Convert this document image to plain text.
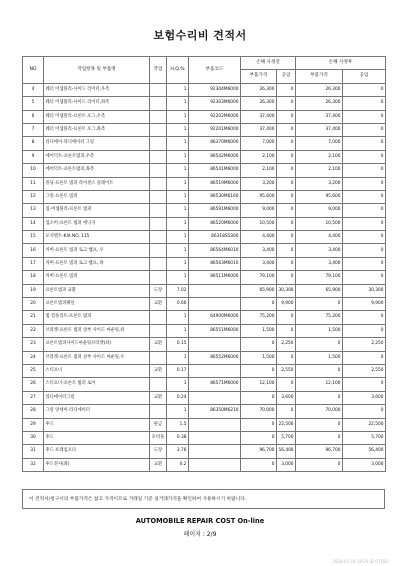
보험수리비 견적서
NO	작업항목 및 부품명	작업	H,Q,%	부품코드	손해 사정전		손해 사정후	
					부품가격	공임	부품가격	공임
4	웨더 어셈블리-사이드 리어터,우측		1	92304M6000	26,300	0	26,300	0
5	웨더 어셈블리-사이드 리어터,좌측		1	92303M6000	26,300	0	26,300	0
6	웨더 어셈블리-프론트 포그,우측		1	92202M6000	37,400	0	37,400	0
7	웨더 어셈블리-프론트 포그,좌측		1	92201M6000	37,400	0	37,400	0
8	라디에이-라디에이터 그릴		1	86370M6000	7,000	0	7,000	0
9	에어덕트-프론트범퍼,우측		1	86542M6000	2,100	0	2,100	0
10	에어덕트-프론트범퍼,좌측		1	86541M6000	2,100	0	2,100	0
11	몰딩-프론트 범퍼 라이센스 플레이트		1	86519M6000	3,200	0	3,200	0
12	그릴-프론트 범퍼		1	86530M6160	95,600	0	95,600	0
13	립-어셈블리-프론트 범퍼		1	86591M6000	9,000	0	9,000	0
14	업소버-프론트 범퍼 에너지		1	86520M6000	10,500	0	10,500	0
15	모서멘트-KIA NO. 115		1	86318S5300	4,400	0	4,400	0
16	커버-프론트 범퍼 토크 햄프, 우		1	86564M6010	3,400	0	3,400	0
17	커버-프론트 범퍼 토크 햄프, 좌		1	86563M6010	3,400	0	3,400	0
18	커버-프론트 범퍼		1	86511M6000	79,100	0	79,100	0
19	프론트범퍼 교환	도장	7.02		65,900	30,300	65,900	30,300
20	프론트범퍼패널	교환	0.66		0	9,900	0	9,900
21	빔 컴플리트-프론트 범퍼		1	64900M6000	75,200	0	75,200	0
22	브라켓-프론트 범퍼 상부 사이드 마운팅,좌		1	86551M6000	1,500	0	1,500	0
23	프론트범퍼사이드마운팅브라켓(좌)	교환	0.15		0	2,250	0	2,250
24	브라켓-프론트 범퍼 상부 사이드 마운팅,우		1	86552M6000	1,500	0	1,500	0
25	스티프너	교환	0.17		0	2,550	0	2,550
26	스티프너-프론트 범퍼 로어		1	86571M6000	12,100	0	12,100	0
27	라디에이터그릴	교환	0.24		0	3,600	0	3,600
28	그릴 앗세이-라디에이터		1	86350M6210	70,000	0	70,000	0
29	후드	판금	1.5		0	22,500	0	22,500
30	후드	모비플	0.38		0	5,700	0	5,700
31	후드 프레임포더	도장	3.76		96,700	56,400	96,700	56,400
32	후드전사(좌)	교환	0.2		0	3,000	0	3,000
이 견적서/청구서의 부품가격은 참고 가격이므로 거래일 기준 실거래가격을 확인하여 사용하시기 바랍니다.
AUTOMOBILE REPAIR COST On-line
페이지 : 2/9
2024-07-19 19:20 ID 07180
